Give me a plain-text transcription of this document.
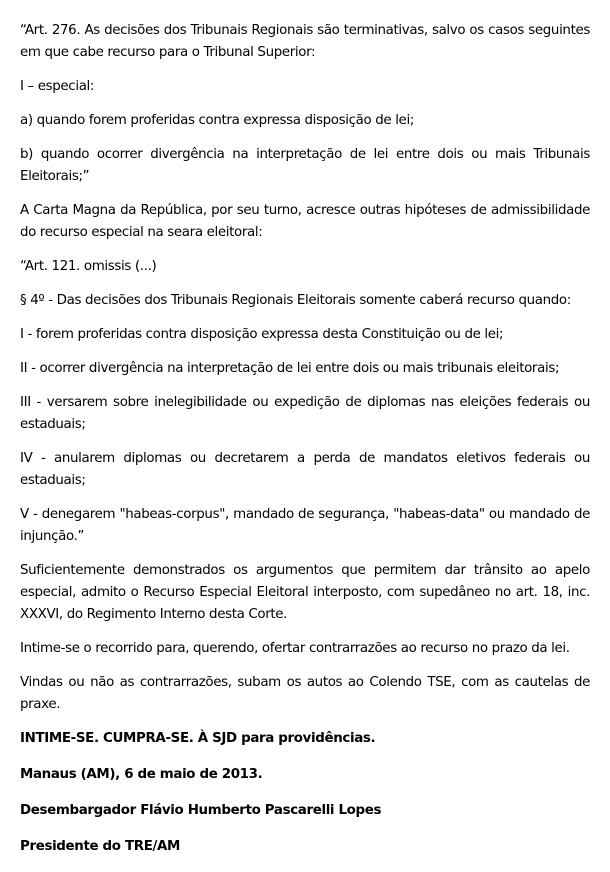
“Art. 276. As decisões dos Tribunais Regionais são terminativas, salvo os casos seguintes em que cabe recurso para o Tribunal Superior:

I – especial:

a) quando forem proferidas contra expressa disposição de lei;

b) quando ocorrer divergência na interpretação de lei entre dois ou mais Tribunais Eleitorais;”

A Carta Magna da República, por seu turno, acresce outras hipóteses de admissibilidade do recurso especial na seara eleitoral:

“Art. 121. omissis (...)

§ 4º - Das decisões dos Tribunais Regionais Eleitorais somente caberá recurso quando:

I - forem proferidas contra disposição expressa desta Constituição ou de lei;

II - ocorrer divergência na interpretação de lei entre dois ou mais tribunais eleitorais;

III - versarem sobre inelegibilidade ou expedição de diplomas nas eleições federais ou estaduais;

IV - anularem diplomas ou decretarem a perda de mandatos eletivos federais ou estaduais;

V - denegarem "habeas-corpus", mandado de segurança, "habeas-data" ou mandado de injunção.”

Suficientemente demonstrados os argumentos que permitem dar trânsito ao apelo especial, admito o Recurso Especial Eleitoral interposto, com supedâneo no art. 18, inc. XXXVI, do Regimento Interno desta Corte.

Intime-se o recorrido para, querendo, ofertar contrarrazões ao recurso no prazo da lei.

Vindas ou não as contrarrazões, subam os autos ao Colendo TSE, com as cautelas de praxe.

INTIME-SE. CUMPRA-SE. À SJD para providências.

Manaus (AM), 6 de maio de 2013.

Desembargador Flávio Humberto Pascarelli Lopes

Presidente do TRE/AM
